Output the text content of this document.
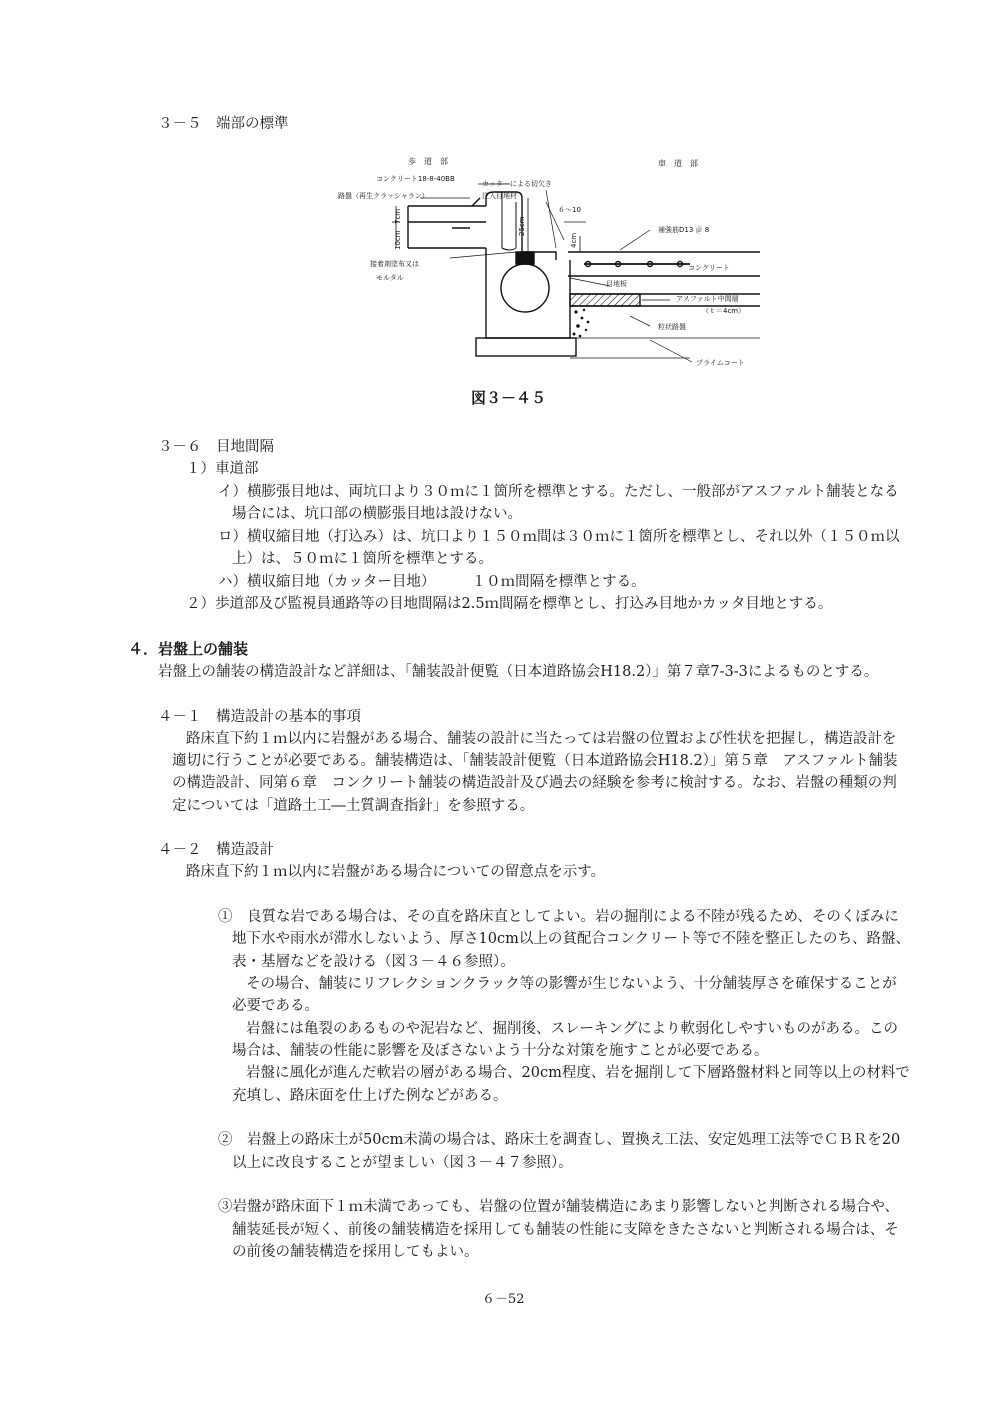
３－５　端部の標準
歩　道　部	車　道　部
コンクリート18-8-40BB
路盤（再生クラッシャラン）
カッターによる切欠き
注入目地材
６～10
補強筋D13 ＠ 8
接着剤塗布又は
モルタル
コンクリート
目地板
アスファルト中間層
（ｔ＝4cm）
粒状路盤
プライムコート
7cm
10cm
25cm
4cm
図３－４５
３－６　目地間隔
１）車道部
イ）横膨張目地は、両坑口より３０ｍに１箇所を標準とする。ただし、一般部がアスファルト舗装となる
場合には、坑口部の横膨張目地は設けない。
ロ）横収縮目地（打込み）は、坑口より１５０ｍ間は３０ｍに１箇所を標準とし、それ以外（１５０ｍ以
上）は、５０ｍに１箇所を標準とする。
ハ）横収縮目地（カッター目地）　　　１０ｍ間隔を標準とする。
２）歩道部及び監視員通路等の目地間隔は2.5ｍ間隔を標準とし、打込み目地かカッタ目地とする。
４．岩盤上の舗装
岩盤上の舗装の構造設計など詳細は、「舗装設計便覧（日本道路協会H18.2）」第７章7-3-3によるものとする。
４－１　構造設計の基本的事項
路床直下約１ｍ以内に岩盤がある場合、舗装の設計に当たっては岩盤の位置および性状を把握し，構造設計を
適切に行うことが必要である。舗装構造は、「舗装設計便覧（日本道路協会H18.2）」第５章　アスファルト舗装
の構造設計、同第６章　コンクリート舗装の構造設計及び過去の経験を参考に検討する。なお、岩盤の種類の判
定については「道路土工―土質調査指針」を参照する。
４－２　構造設計
路床直下約１ｍ以内に岩盤がある場合についての留意点を示す。
①　良質な岩である場合は、その直を路床直としてよい。岩の掘削による不陸が残るため、そのくぼみに
地下水や雨水が滞水しないよう、厚さ10cm以上の貧配合コンクリート等で不陸を整正したのち、路盤、
表・基層などを設ける（図３－４６参照）。
その場合、舗装にリフレクションクラック等の影響が生じないよう、十分舗装厚さを確保することが
必要である。
岩盤には亀裂のあるものや泥岩など、掘削後、スレーキングにより軟弱化しやすいものがある。この
場合は、舗装の性能に影響を及ぼさないよう十分な対策を施すことが必要である。
岩盤に風化が進んだ軟岩の層がある場合、20cm程度、岩を掘削して下層路盤材料と同等以上の材料で
充填し、路床面を仕上げた例などがある。
②　岩盤上の路床土が50cm未満の場合は、路床土を調査し、置換え工法、安定処理工法等でＣＢＲを20
以上に改良することが望ましい（図３－４７参照）。
③岩盤が路床面下１ｍ未満であっても、岩盤の位置が舗装構造にあまり影響しないと判断される場合や、
舗装延長が短く、前後の舗装構造を採用しても舗装の性能に支障をきたさないと判断される場合は、そ
の前後の舗装構造を採用してもよい。
６－52
